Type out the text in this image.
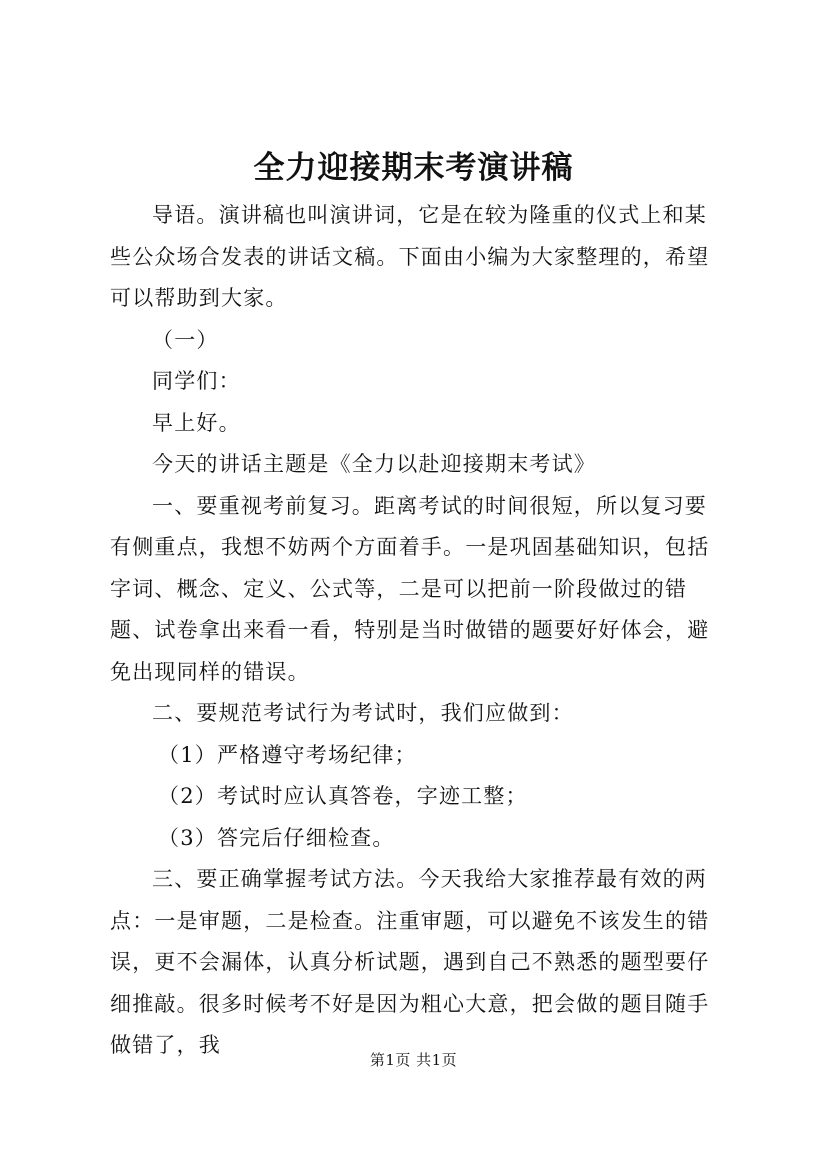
全力迎接期末考演讲稿

导语。演讲稿也叫演讲词，它是在较为隆重的仪式上和某些公众场合发表的讲话文稿。下面由小编为大家整理的，希望可以帮助到大家。

（一）

同学们：

早上好。

今天的讲话主题是《全力以赴迎接期末考试》

一、要重视考前复习。距离考试的时间很短，所以复习要有侧重点，我想不妨两个方面着手。一是巩固基础知识，包括字词、概念、定义、公式等，二是可以把前一阶段做过的错题、试卷拿出来看一看，特别是当时做错的题要好好体会，避免出现同样的错误。

二、要规范考试行为考试时，我们应做到：

（1）严格遵守考场纪律；

（2）考试时应认真答卷，字迹工整；

（3）答完后仔细检查。

三、要正确掌握考试方法。今天我给大家推荐最有效的两点：一是审题，二是检查。注重审题，可以避免不该发生的错误，更不会漏体，认真分析试题，遇到自己不熟悉的题型要仔细推敲。很多时候考不好是因为粗心大意，把会做的题目随手做错了，我

第1页 共1页
